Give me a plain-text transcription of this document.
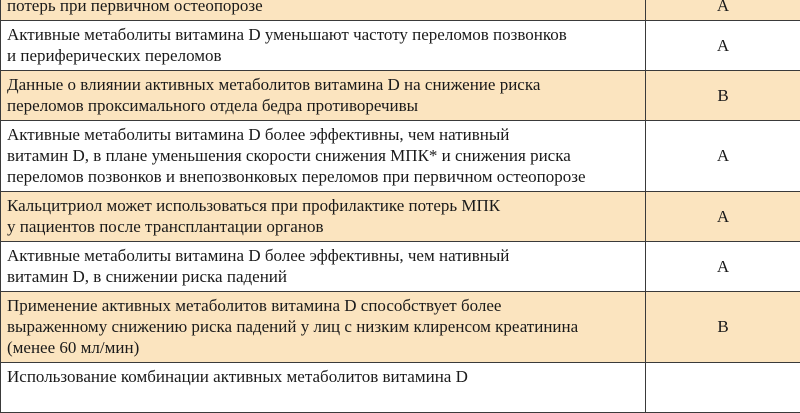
потерь при первичном остеопорозе	A

Активные метаболиты витамина D уменьшают частоту переломов позвонков
и периферических переломов	A

Данные о влиянии активных метаболитов витамина D на снижение риска
переломов проксимального отдела бедра противоречивы	B

Активные метаболиты витамина D более эффективны, чем нативный
витамин D, в плане уменьшения скорости снижения МПК* и снижения риска
переломов позвонков и внепозвонковых переломов при первичном остеопорозе	A

Кальцитриол может использоваться при профилактике потерь МПК
у пациентов после трансплантации органов	A

Активные метаболиты витамина D более эффективны, чем нативный
витамин D, в снижении риска падений	A

Применение активных метаболитов витамина D способствует более
выраженному снижению риска падений у лиц с низким клиренсом креатинина
(менее 60 мл/мин)	B

Использование комбинации активных метаболитов витамина D	
